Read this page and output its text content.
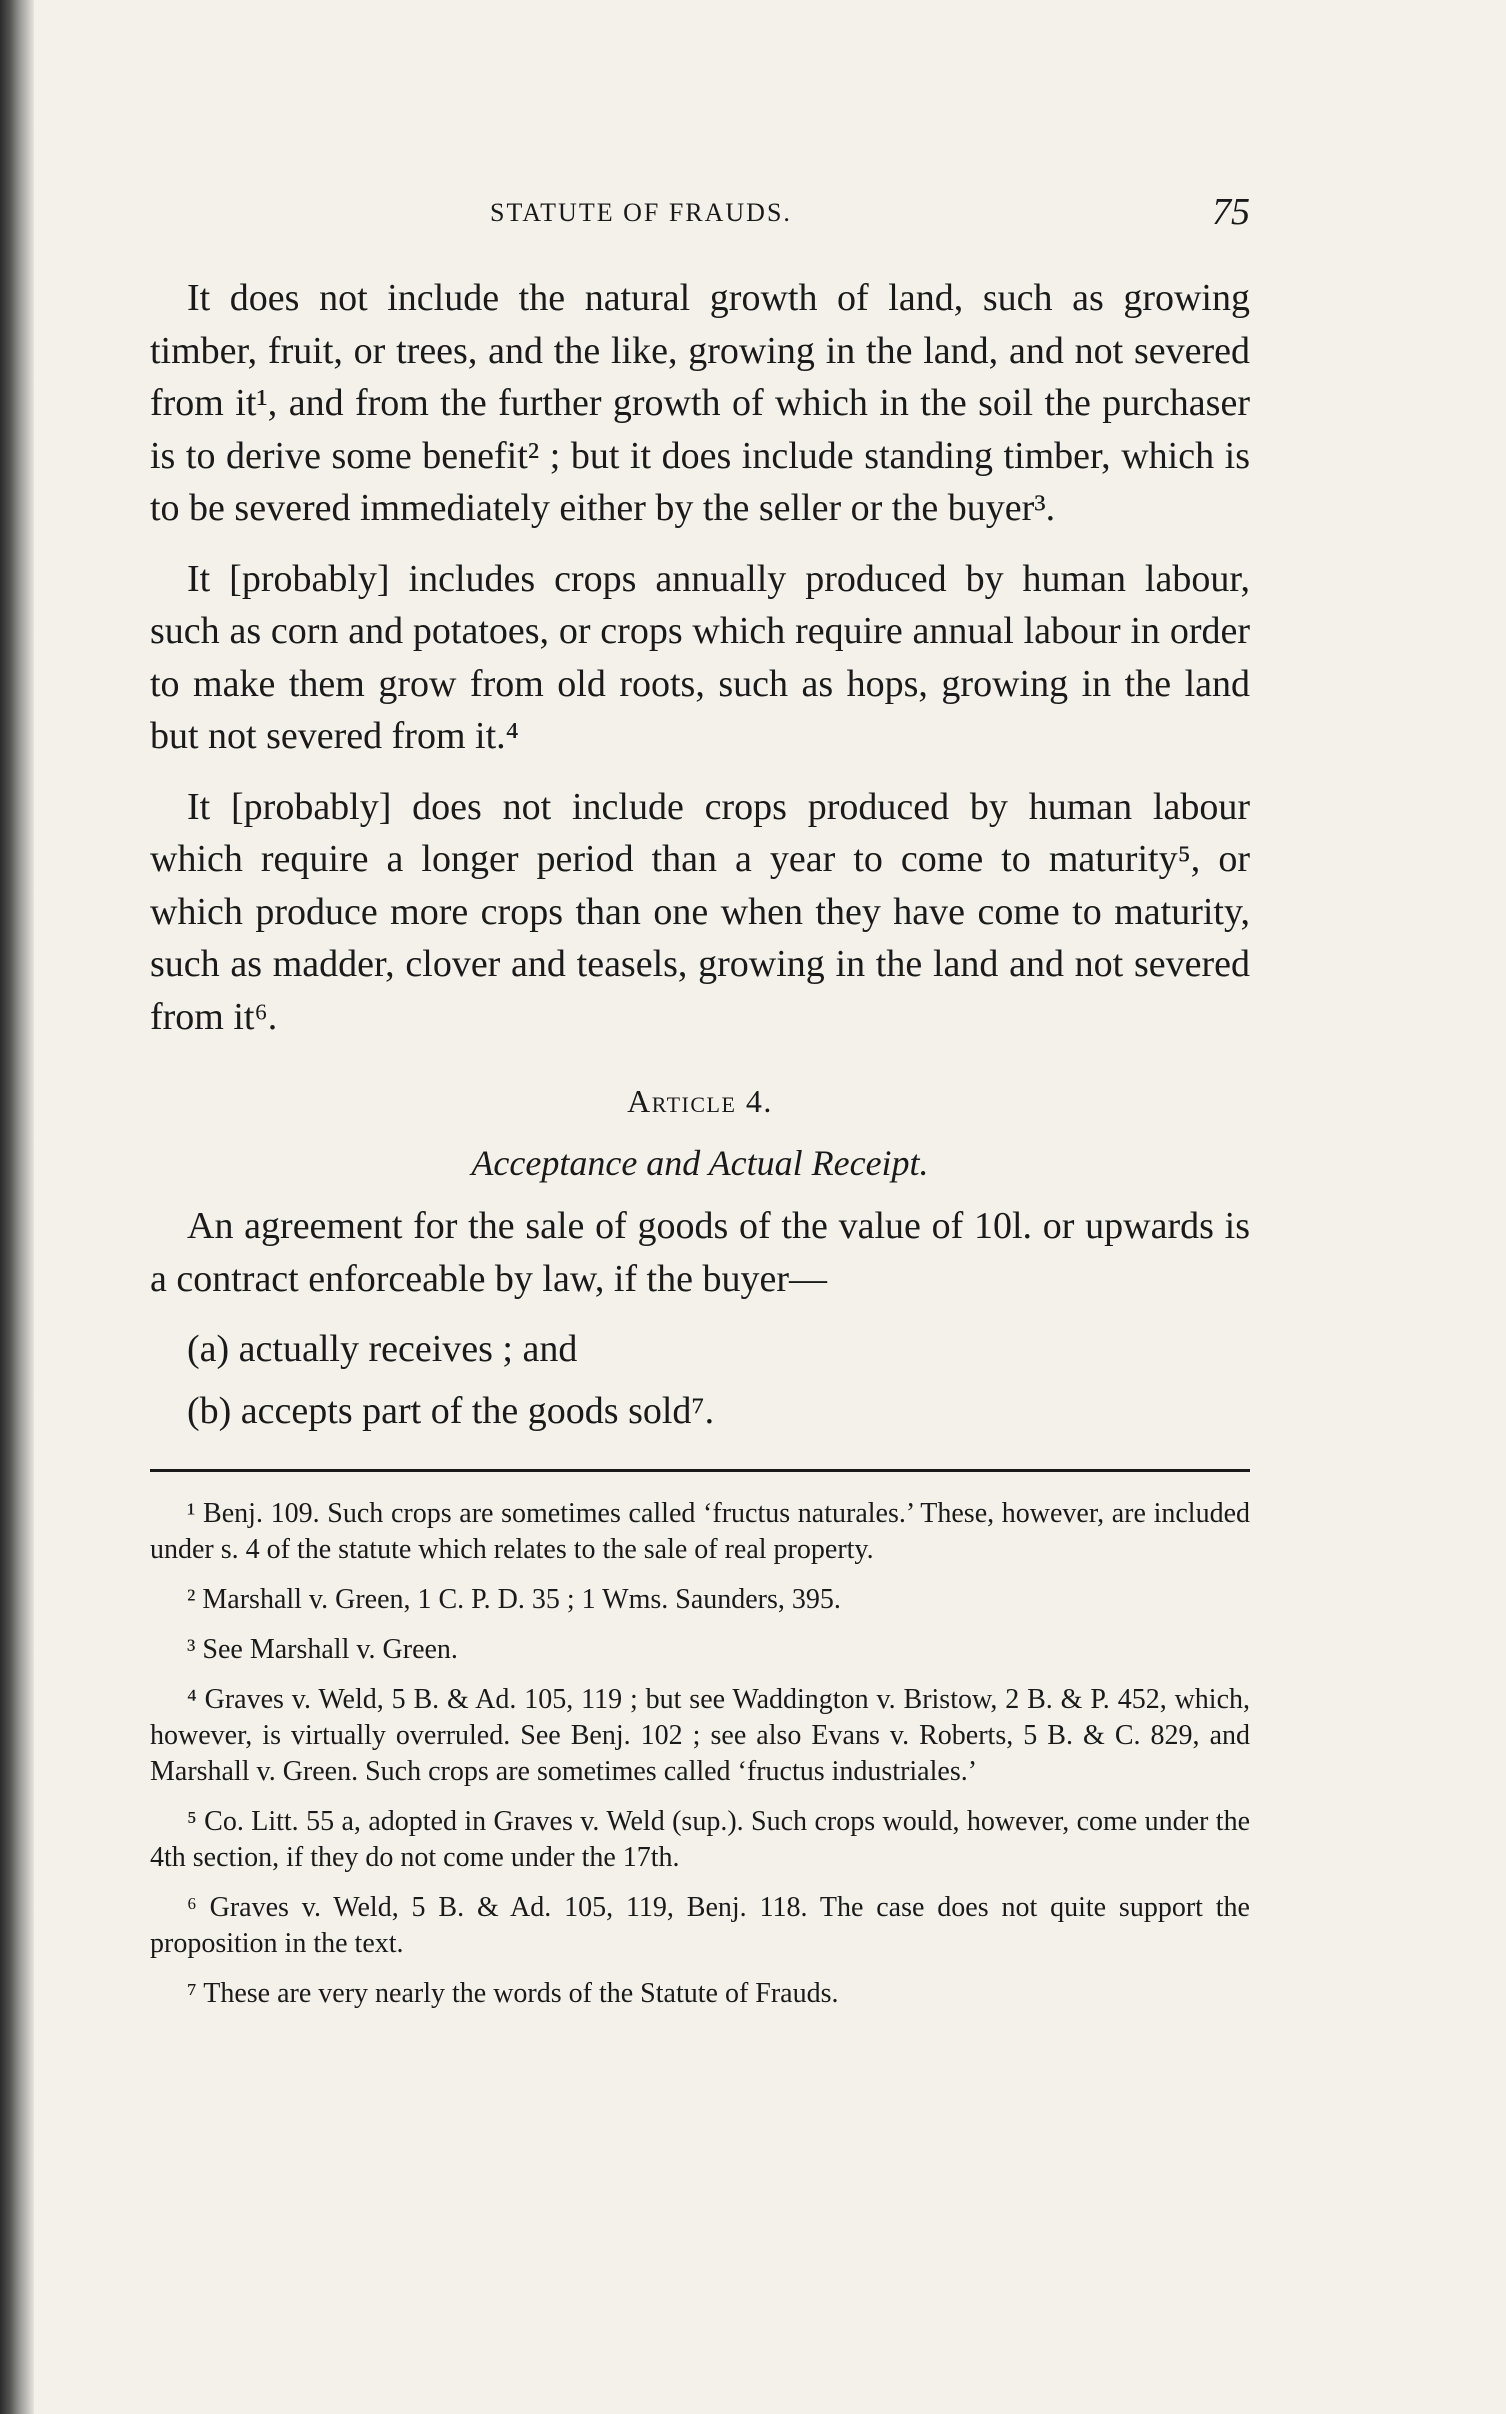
STATUTE OF FRAUDS.	75

It does not include the natural growth of land, such as growing timber, fruit, or trees, and the like, growing in the land, and not severed from it¹, and from the further growth of which in the soil the purchaser is to derive some benefit² ; but it does include standing timber, which is to be severed immediately either by the seller or the buyer³.

It [probably] includes crops annually produced by human labour, such as corn and potatoes, or crops which require annual labour in order to make them grow from old roots, such as hops, growing in the land but not severed from it.⁴

It [probably] does not include crops produced by human labour which require a longer period than a year to come to maturity⁵, or which produce more crops than one when they have come to maturity, such as madder, clover and teasels, growing in the land and not severed from it⁶.

Article 4.
Acceptance and Actual Receipt.

An agreement for the sale of goods of the value of 10l. or upwards is a contract enforceable by law, if the buyer—

(a) actually receives ; and
(b) accepts part of the goods sold⁷.

¹ Benj. 109. Such crops are sometimes called ‘fructus naturales.’ These, however, are included under s. 4 of the statute which relates to the sale of real property.

² Marshall v. Green, 1 C. P. D. 35 ; 1 Wms. Saunders, 395.

³ See Marshall v. Green.

⁴ Graves v. Weld, 5 B. & Ad. 105, 119 ; but see Waddington v. Bristow, 2 B. & P. 452, which, however, is virtually overruled. See Benj. 102 ; see also Evans v. Roberts, 5 B. & C. 829, and Marshall v. Green. Such crops are sometimes called ‘fructus industriales.’

⁵ Co. Litt. 55 a, adopted in Graves v. Weld (sup.). Such crops would, however, come under the 4th section, if they do not come under the 17th.

⁶ Graves v. Weld, 5 B. & Ad. 105, 119, Benj. 118. The case does not quite support the proposition in the text.

⁷ These are very nearly the words of the Statute of Frauds.
